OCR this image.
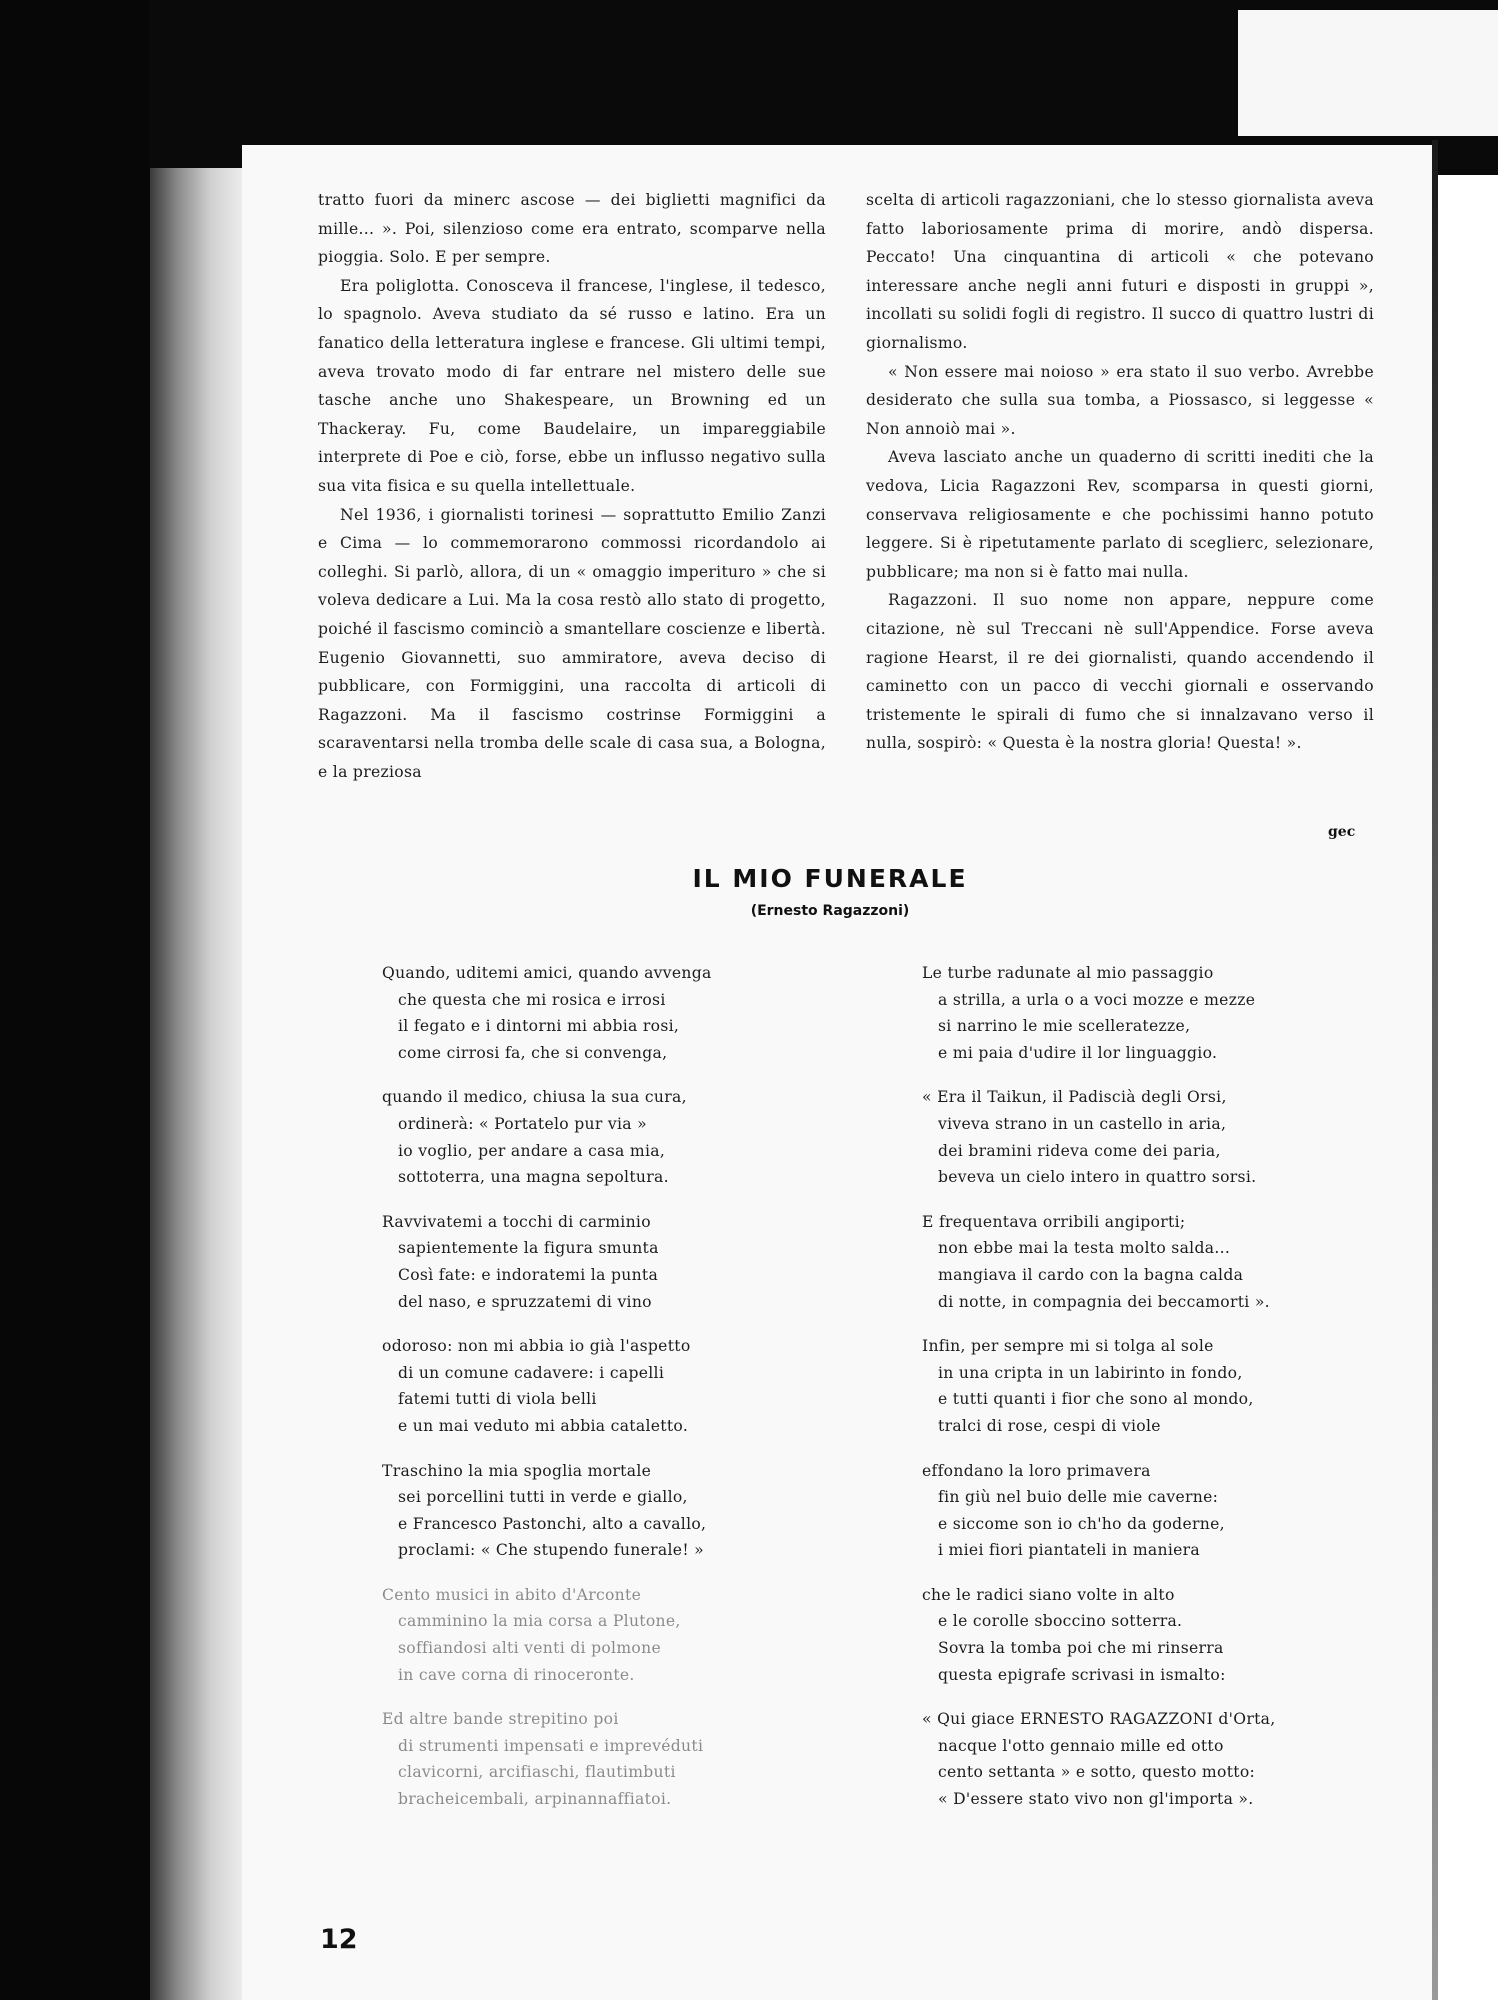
tratto fuori da minerc ascose — dei biglietti magnifici da mille... ». Poi, silenzioso come era entrato, scomparve nella pioggia. Solo. E per sempre.

Era poliglotta. Conosceva il francese, l'inglese, il tedesco, lo spagnolo. Aveva studiato da sé russo e latino. Era un fanatico della letteratura inglese e francese. Gli ultimi tempi, aveva trovato modo di far entrare nel mistero delle sue tasche anche uno Shakespeare, un Browning ed un Thackeray. Fu, come Baudelaire, un impareggiabile interprete di Poe e ciò, forse, ebbe un influsso negativo sulla sua vita fisica e su quella intellettuale.

Nel 1936, i giornalisti torinesi — soprattutto Emilio Zanzi e Cima — lo commemorarono commossi ricordandolo ai colleghi. Si parlò, allora, di un « omaggio imperituro » che si voleva dedicare a Lui. Ma la cosa restò allo stato di progetto, poiché il fascismo cominciò a smantellare coscienze e libertà. Eugenio Giovannetti, suo ammiratore, aveva deciso di pubblicare, con Formiggini, una raccolta di articoli di Ragazzoni. Ma il fascismo costrinse Formiggini a scaraventarsi nella tromba delle scale di casa sua, a Bologna, e la preziosa

scelta di articoli ragazzoniani, che lo stesso giornalista aveva fatto laboriosamente prima di morire, andò dispersa. Peccato! Una cinquantina di articoli « che potevano interessare anche negli anni futuri e disposti in gruppi », incollati su solidi fogli di registro. Il succo di quattro lustri di giornalismo.

« Non essere mai noioso » era stato il suo verbo. Avrebbe desiderato che sulla sua tomba, a Piossasco, si leggesse « Non annoiò mai ».

Aveva lasciato anche un quaderno di scritti inediti che la vedova, Licia Ragazzoni Rev, scomparsa in questi giorni, conservava religiosamente e che pochissimi hanno potuto leggere. Si è ripetutamente parlato di sceglierc, selezionare, pubblicare; ma non si è fatto mai nulla.

Ragazzoni. Il suo nome non appare, neppure come citazione, nè sul Treccani nè sull'Appendice. Forse aveva ragione Hearst, il re dei giornalisti, quando accendendo il caminetto con un pacco di vecchi giornali e osservando tristemente le spirali di fumo che si innalzavano verso il nulla, sospirò: « Questa è la nostra gloria! Questa! ».

gec
IL MIO FUNERALE
(Ernesto Ragazzoni)
Quando, uditemi amici, quando avvenga
che questa che mi rosica e irrosi
il fegato e i dintorni mi abbia rosi,
come cirrosi fa, che si convenga,
quando il medico, chiusa la sua cura,
ordinerà: « Portatelo pur via »
io voglio, per andare a casa mia,
sottoterra, una magna sepoltura.
Ravvivatemi a tocchi di carminio
sapientemente la figura smunta
Così fate: e indoratemi la punta
del naso, e spruzzatemi di vino
odoroso: non mi abbia io già l'aspetto
di un comune cadavere: i capelli
fatemi tutti di viola belli
e un mai veduto mi abbia cataletto.
Traschino la mia spoglia mortale
sei porcellini tutti in verde e giallo,
e Francesco Pastonchi, alto a cavallo,
proclami: « Che stupendo funerale! »
Cento musici in abito d'Arconte
camminino la mia corsa a Plutone,
soffiandosi alti venti di polmone
in cave corna di rinoceronte.
Ed altre bande strepitino poi
di strumenti impensati e imprevéduti
clavicorni, arcifiaschi, flautimbuti
bracheicembali, arpinannaffiatoi.
Le turbe radunate al mio passaggio
a strilla, a urla o a voci mozze e mezze
si narrino le mie scelleratezze,
e mi paia d'udire il lor linguaggio.
« Era il Taikun, il Padiscià degli Orsi,
viveva strano in un castello in aria,
dei bramini rideva come dei paria,
beveva un cielo intero in quattro sorsi.
E frequentava orribili angiporti;
non ebbe mai la testa molto salda...
mangiava il cardo con la bagna calda
di notte, in compagnia dei beccamorti ».
Infin, per sempre mi si tolga al sole
in una cripta in un labirinto in fondo,
e tutti quanti i fior che sono al mondo,
tralci di rose, cespi di viole
effondano la loro primavera
fin giù nel buio delle mie caverne:
e siccome son io ch'ho da goderne,
i miei fiori piantateli in maniera
che le radici siano volte in alto
e le corolle sboccino sotterra.
Sovra la tomba poi che mi rinserra
questa epigrafe scrivasi in ismalto:
« Qui giace ERNESTO RAGAZZONI d'Orta,
nacque l'otto gennaio mille ed otto
cento settanta » e sotto, questo motto:
« D'essere stato vivo non gl'importa ».
12
